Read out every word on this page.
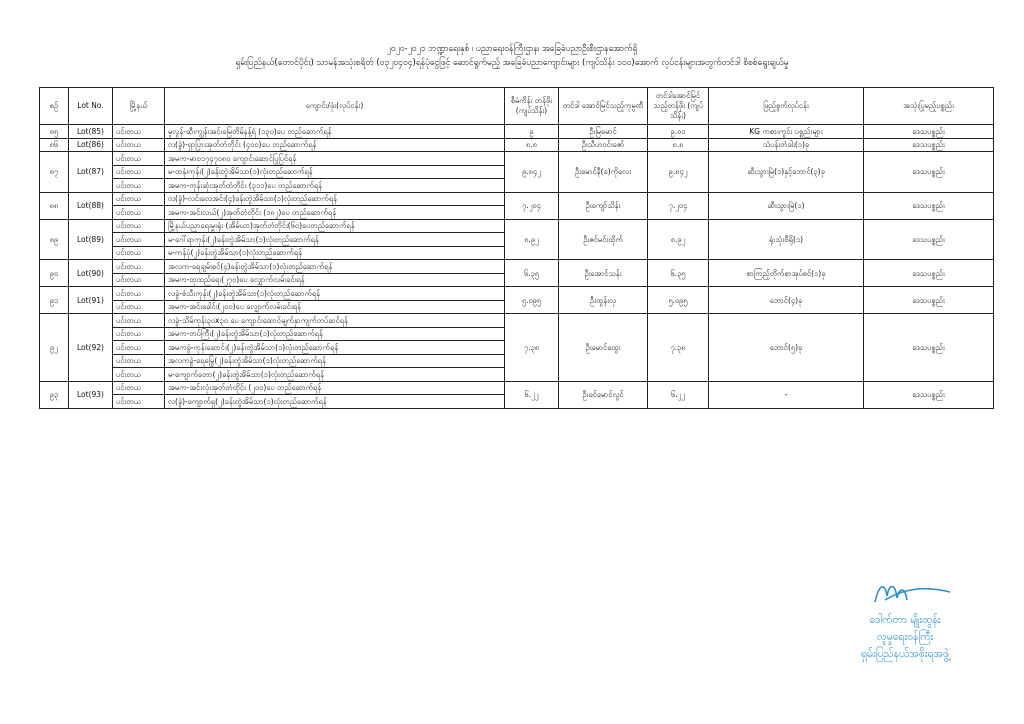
၂၀၂၀-၂၀၂၁ ဘဏ္ဍာရေးနှစ် ၊ ပညာရေးဝန်ကြီးဌာန၊ အခြေခံပညာဦးစီးဌာနအောက်ရှိ
ရှမ်းပြည်နယ်(တောင်ပိုင်း) သာမန်အသုံးစရိတ် (၀၃၂၀၄၀၄)ရန်ပုံငွေဖြင့် ဆောင်ရွက်မည့် အခြေခံပညာကျောင်းများ (ကျပ်သိန်း ၁၀၀)အောက် လုပ်ငန်းများအတွက်တင်ဒါ စိစစ်ရွေးချယ်မှု
စဉ်	Lot No.	မြို့နယ်	ကျောင်း/ဖုံး(လုပ်ငန်း)	စီမံကိန်း တန်ဖိုး (ကျပ်သိန်း)	တင်ဒါ အောင်မြင်သည့်ကုမ္ပဏီ	တင်ဒါအောင်မြင် သည့်တန်ဖိုး (ကျပ်သိန်း)	ဖြည့်စွက်လုပ်ငန်း	အသုံးပြုမည့်ပစ္စည်း
၈၅	Lot(85)	ပင်းတယ	မူလွန်-ဆီးကျွန်းအင်းမြေတိမ်နန့်ရံ (၁၃၀)ပေ တည်ဆောက်ရန်	၉	ဦးမြမောင်	၉.၀၀	KG ကစားကွင်း ပစ္စည်းများ	ဒေသပစ္စည်း
၈၆	Lot(86)	ပင်းတယ	လ(ခွဲ)-ရှာပြားအုတ်တံတိုင်း (၄၀၀)ပေ တည်ဆောက်ရန်	၈.၈	ဦးသီဟဝင်းဇော်	၈.၈	သံပန်းတံခါး(၁)ခု	ဒေသပစ္စည်း
၈၇	Lot(87)	ပင်းတယ	အမက-မာဗ၁၇၄၇၀၈၀ ကျောင်းဆောင်ပြုပြင်ရန်	၉.၈၄၂	ဦးမောင်နီ(ခ)ကိုလေး	၉.၈၄၂	ဆီးသွားမြဲ(၁)နှင့်ဘောင်(၃)ခု	ဒေသပစ္စည်း
		ပင်းတယ	မ-ထနုံးကုန်း(၂)ခန်းတွဲအိမ်သာ(၁)လုံးတည်ဆောက်ရန်					
		ပင်းတယ	အမက-ကုန်းဆုံးအုတ်တံတိုင်း (၃၁၁)ပေ တည်ဆောက်ရန်					
၈၈	Lot(88)	ပင်းတယ	လ(ခွဲ)-လင်းလေအင်း(၄)ခန်းတွဲအိမ်သာ(၁)လုံးတည်ဆောက်ရန်	၇.၂၀၄	ဦးကျော်သိန်း	၇.၂၀၄	ဆီးသွားမြဲ(၁)	ဒေသပစ္စည်း
		ပင်းတယ	အမက-အင်းလယ်(၂)အုတ်တံတိုင်း (၁၈၂)ပေ တည်ဆောက်ရန်					
၈၉	Lot(89)	ပင်းတယ	မြို့နယ်ပညာရေးမှူးရုံး (အိမ်ယာ)အုတ်တံတိုင်း(၆၀)ပေတည်ဆောက်ရန်	၈.၉၂	ဦးဇင်မင်းထိုက်	၈.၉၂	ရုံးသုံးဗီရို(၁)	ဒေသပစ္စည်း
		ပင်းတယ	မ-ဂေါ်ရာကုန်း(၂)ခန်းတွဲအိမ်သာ(၁)လုံးတည်ဆောက်ရန်					
		ပင်းတယ	မ-ကန်ပုံ(၂)ခန်းတွဲအိမ်သာ(၁)လုံးတည်ဆောက်ရန်					
၉၀	Lot(90)	ပင်းတယ	အလက-ရေချမ်းစင်(၄)ခန်းတွဲအိမ်သာ(၁)လုံးတည်ဆောက်ရန်	၆.၃၅	ဦးအောင်သန်း	၆.၃၅	စာကြည့်တိုက်စာအုပ်စင်(၁)ခု	ဒေသပစ္စည်း
		ပင်းတယ	အမက-ထုထည်ရေး(၂၇၀)ပေ လျှောက်လမ်းခင်းရန်					
၉၁	Lot(91)	ပင်းတယ	လခွဲ-စံသီးကုန်း(၂)ခန်းတွဲအိမ်သာ(၁)လုံးတည်ဆောက်ရန်	၅.၀၉၅	ဦးထွန်းလှ	၅.၀၉၅	ဘောင်(၄)ခု	ဒေသပစ္စည်း
		ပင်းတယ	အမက-အင်းခေါင်း(၂၀၀)ပေ လျှောက်လမ်းခင်းရန်					
၉၂	Lot(92)	ပင်းတယ	လခွဲ-သိမ်ကုန်း၃၀x၃၀ ပေ ကျောင်းဆောင်မျက်နှာကျက်တပ်ဆင်ရန်	၇.၃၈	ဦးမောင်ထွေး	၇.၃၈	ဘောင်(၅)ခု	ဒေသပစ္စည်း
		ပင်းတယ	အမက-တပ်ကြီး(၂)ခန်းတွဲအိမ်သာ(၁)လုံးတည်ဆောက်ရန်					
		ပင်းတယ	အမကခွဲ-ကုန်းဆောင်း(၂)ခန်းတွဲအိမ်သာ(၁)လုံးတည်ဆောက်ရန်					
		ပင်းတယ	အလကခွဲ-ရေမြွေ(၂)ခန်းတွဲအိမ်သာ(၁)လုံးတည်ဆောက်ရန်					
		ပင်းတယ	မ-ကျောက်တော(၂)ခန်းတွဲအိမ်သာ(၁)လုံးတည်ဆောက်ရန်					
၉၃	Lot(93)	ပင်းတယ	အမက-အင်းလုံးအုတ်တံတိုင်း (၂၀၀)ပေ တည်ဆောက်ရန်	၆.၂၂	ဦးခင်မောင်လွင်	၆.၂၂	-	ဒေသပစ္စည်း
		ပင်းတယ	လ(ခွဲ)-ကျောက်ရှ(၂)ခန်းတွဲအိမ်သာ(၁)လုံးတည်ဆောက်ရန်					
ဒေါက်တာ မျိုးထွန်း
လူမှုရေးဝန်ကြီး
ရှမ်းပြည်နယ်အစိုးရအဖွဲ့
